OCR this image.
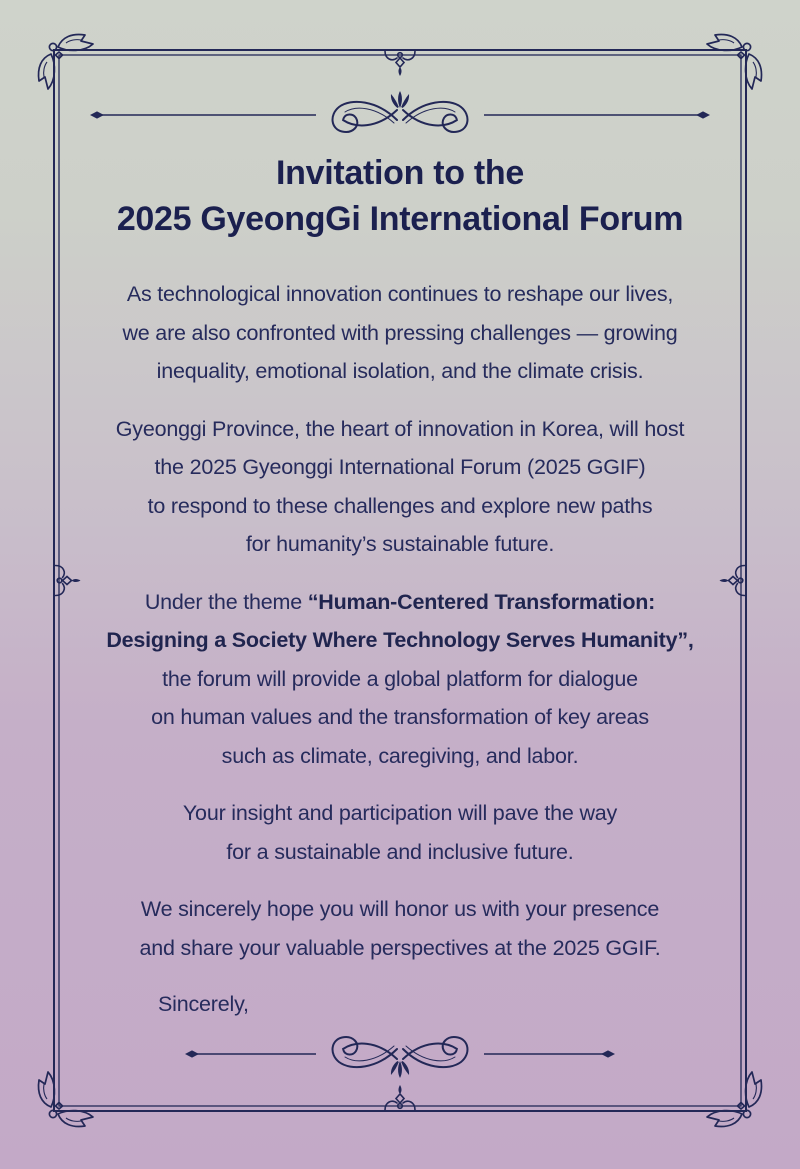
Invitation to the
2025 GyeongGi International Forum

As technological innovation continues to reshape our lives,
we are also confronted with pressing challenges — growing
inequality, emotional isolation, and the climate crisis.

Gyeonggi Province, the heart of innovation in Korea, will host
the 2025 Gyeonggi International Forum (2025 GGIF)
to respond to these challenges and explore new paths
for humanity’s sustainable future.

Under the theme “Human-Centered Transformation:
Designing a Society Where Technology Serves Humanity”,
the forum will provide a global platform for dialogue
on human values and the transformation of key areas
such as climate, caregiving, and labor.

Your insight and participation will pave the way
for a sustainable and inclusive future.

We sincerely hope you will honor us with your presence
and share your valuable perspectives at the 2025 GGIF.

Sincerely,
